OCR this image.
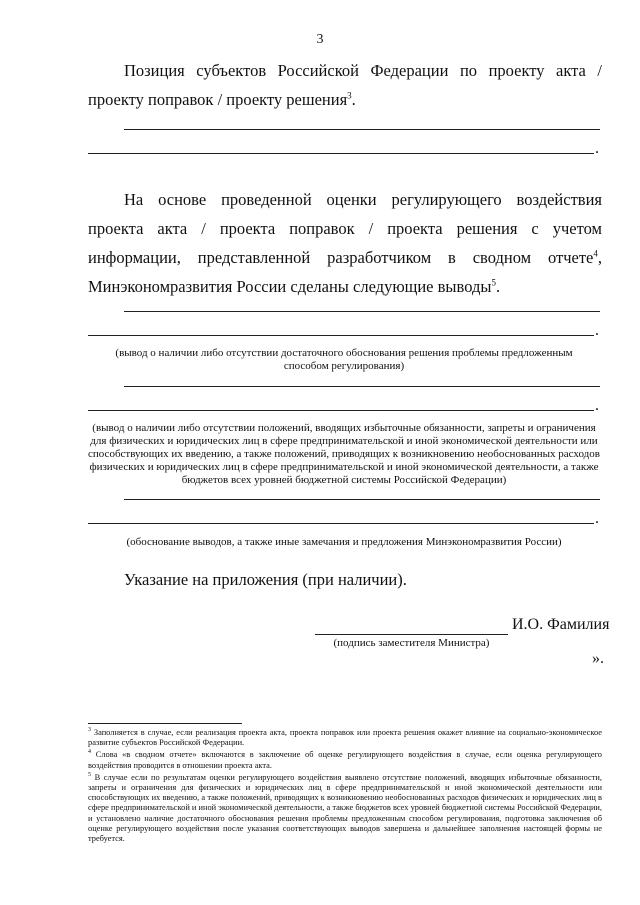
3

Позиция субъектов Российской Федерации по проекту акта / проекту поправок / проекту решения$^3$.

.

На основе проведенной оценки регулирующего воздействия проекта акта / проекта поправок / проекта решения с учетом информации, представленной разработчиком в сводном отчете$^4$, Минэкономразвития России сделаны следующие выводы$^5$.

.
(вывод о наличии либо отсутствии достаточного обоснования решения проблемы предложенным способом регулирования)
.
(вывод о наличии либо отсутствии положений, вводящих избыточные обязанности, запреты и ограничения для физических и юридических лиц в сфере предпринимательской и иной экономической деятельности или способствующих их введению, а также положений, приводящих к возникновению необоснованных расходов физических и юридических лиц в сфере предпринимательской и иной экономической деятельности, а также бюджетов всех уровней бюджетной системы Российской Федерации)
.
(обоснование выводов, а также иные замечания и предложения Минэкономразвития России)
Указание на приложения (при наличии).
И.О. Фамилия
(подпись заместителя Министра)
».

$^3$ Заполняется в случае, если реализация проекта акта, проекта поправок или проекта решения окажет влияние на социально-экономическое развитие субъектов Российской Федерации.

$^4$ Слова «в сводном отчете» включаются в заключение об оценке регулирующего воздействия в случае, если оценка регулирующего воздействия проводится в отношении проекта акта.

$^5$ В случае если по результатам оценки регулирующего воздействия выявлено отсутствие положений, вводящих избыточные обязанности, запреты и ограничения для физических и юридических лиц в сфере предпринимательской и иной экономической деятельности или способствующих их введению, а также положений, приводящих к возникновению необоснованных расходов физических и юридических лиц в сфере предпринимательской и иной экономической деятельности, а также бюджетов всех уровней бюджетной системы Российской Федерации, и установлено наличие достаточного обоснования решения проблемы предложенным способом регулирования, подготовка заключения об оценке регулирующего воздействия после указания соответствующих выводов завершена и дальнейшее заполнения настоящей формы не требуется.
